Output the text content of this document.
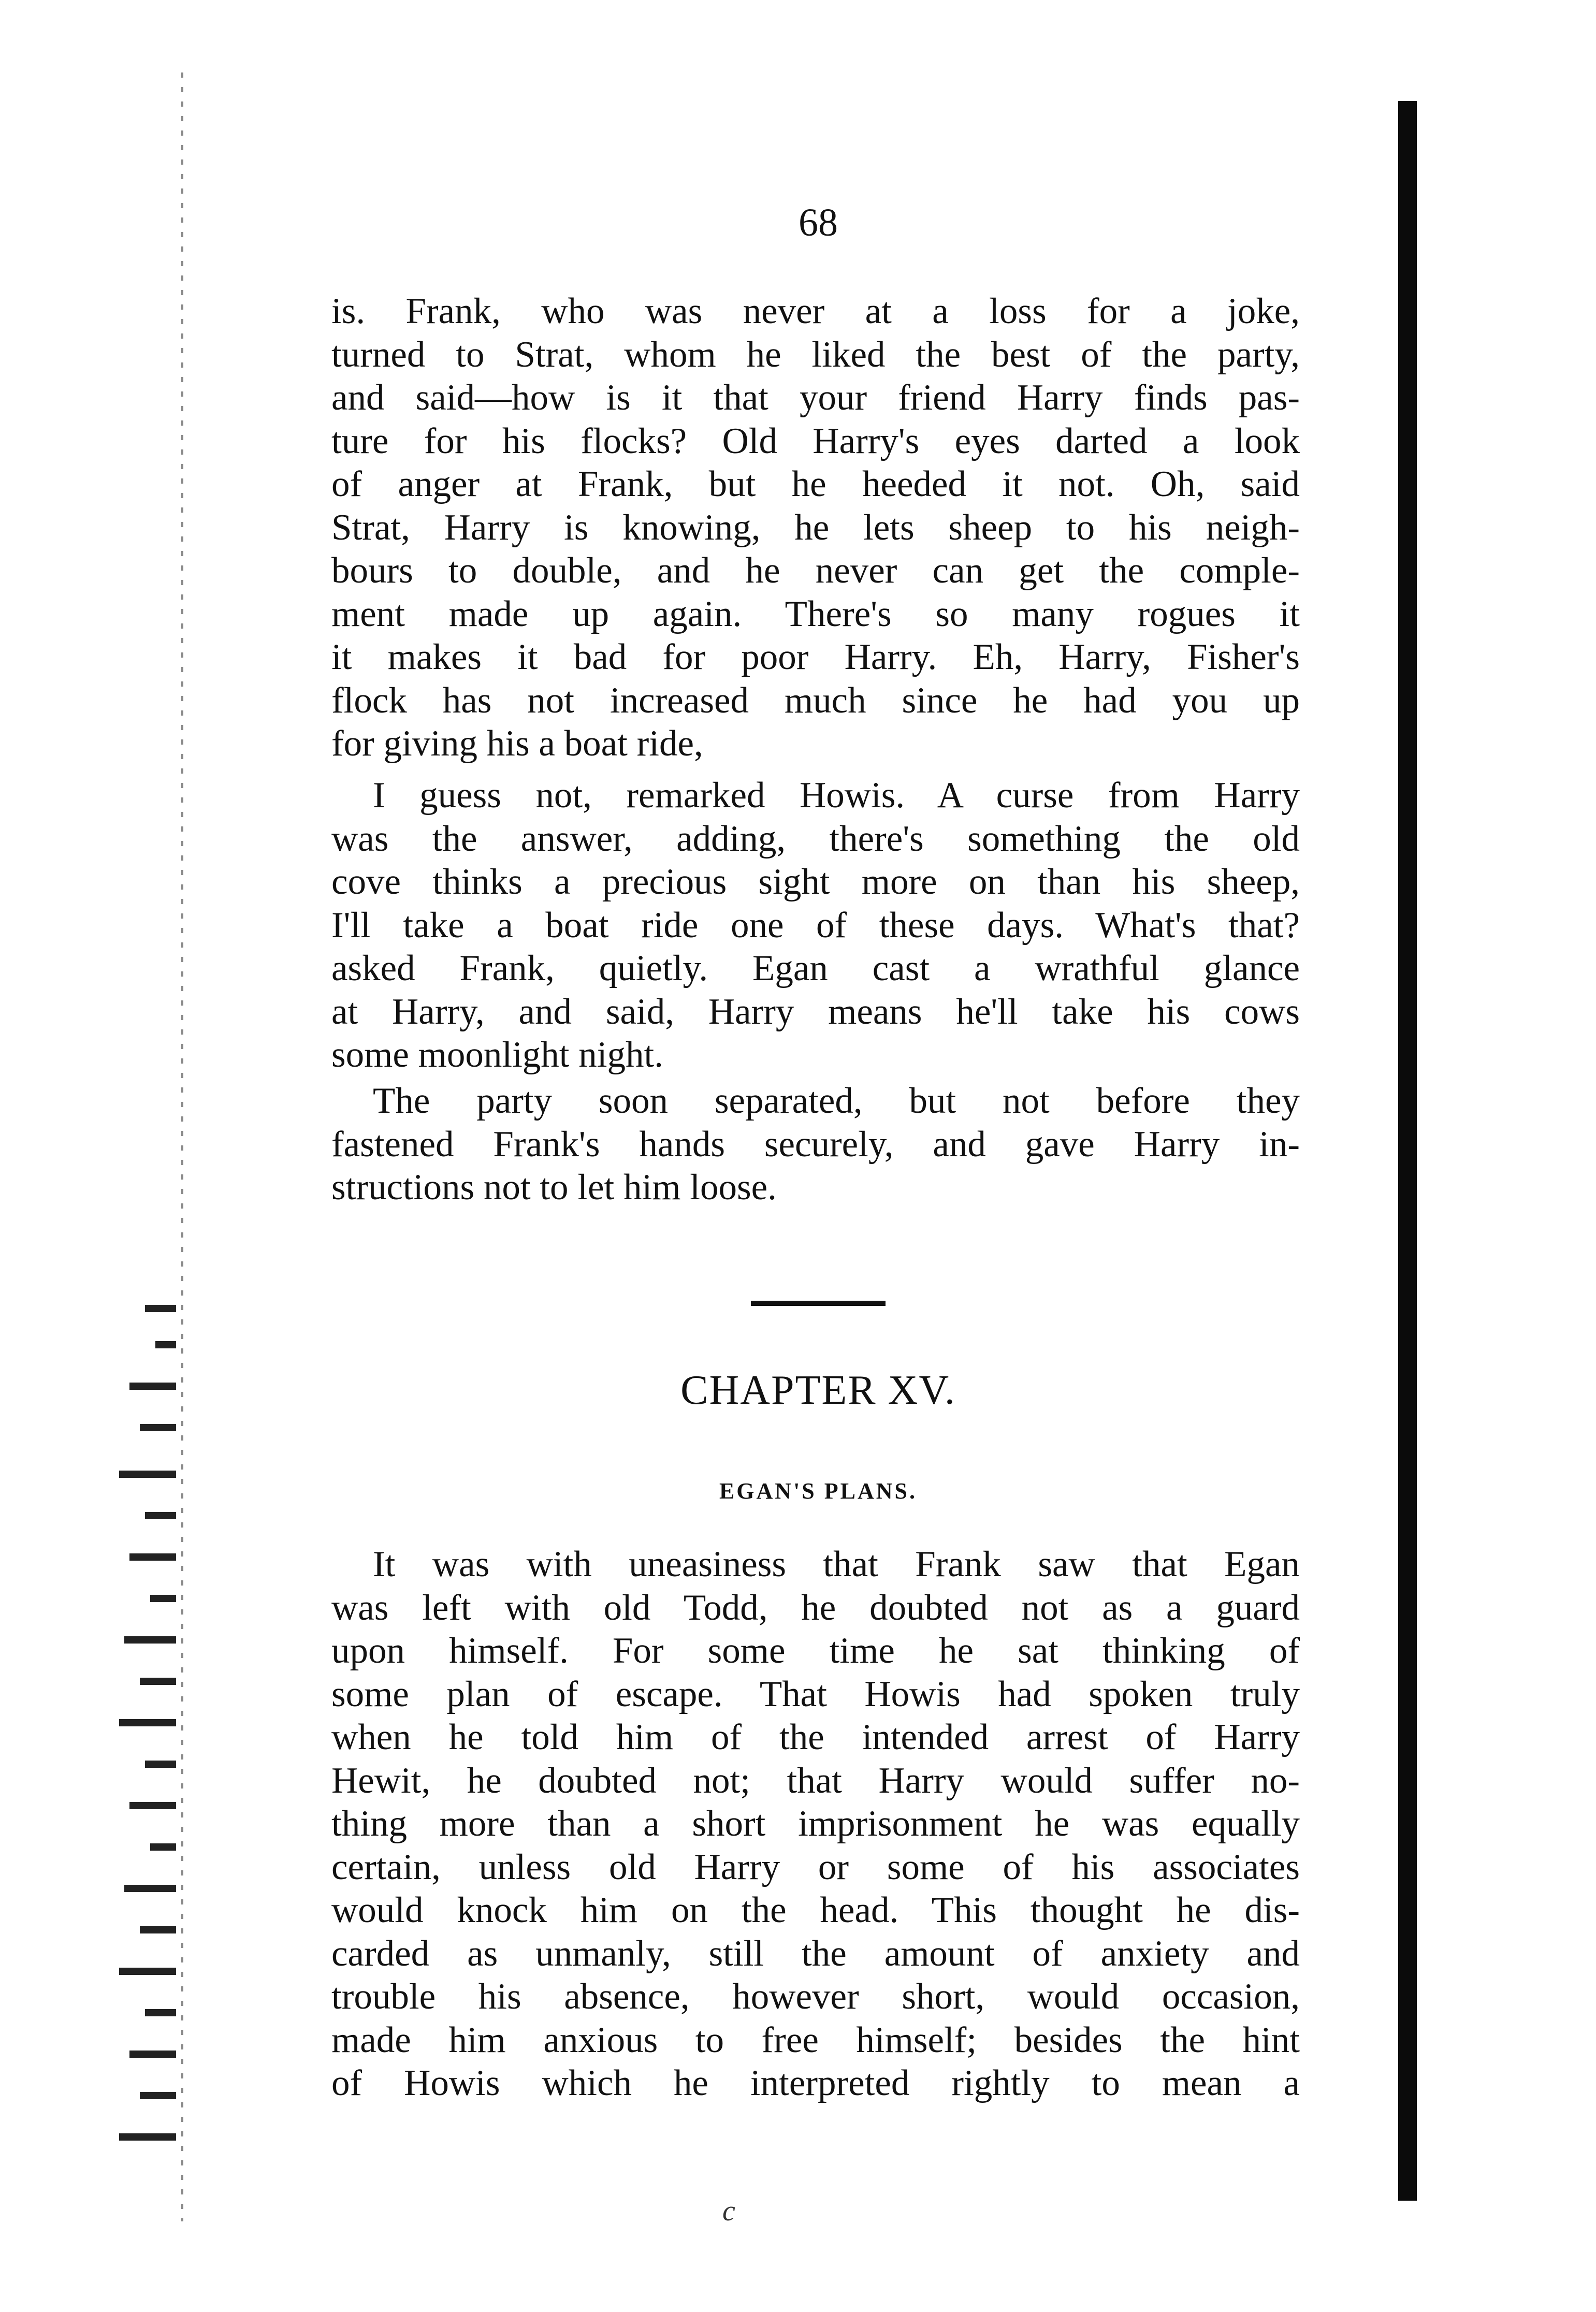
68
is. Frank, who was never at a loss for a joke,
turned to Strat, whom he liked the best of the party,
and said—how is it that your friend Harry finds pas-
ture for his flocks? Old Harry's eyes darted a look
of anger at Frank, but he heeded it not. Oh, said
Strat, Harry is knowing, he lets sheep to his neigh-
bours to double, and he never can get the comple-
ment made up again. There's so many rogues it
it makes it bad for poor Harry. Eh, Harry, Fisher's
flock has not increased much since he had you up
for giving his a boat ride,
I guess not, remarked Howis. A curse from Harry
was the answer, adding, there's something the old
cove thinks a precious sight more on than his sheep,
I'll take a boat ride one of these days. What's that?
asked Frank, quietly. Egan cast a wrathful glance
at Harry, and said, Harry means he'll take his cows
some moonlight night.
The party soon separated, but not before they
fastened Frank's hands securely, and gave Harry in-
structions not to let him loose.
CHAPTER XV.
EGAN'S PLANS.
It was with uneasiness that Frank saw that Egan
was left with old Todd, he doubted not as a guard
upon himself. For some time he sat thinking of
some plan of escape. That Howis had spoken truly
when he told him of the intended arrest of Harry
Hewit, he doubted not; that Harry would suffer no-
thing more than a short imprisonment he was equally
certain, unless old Harry or some of his associates
would knock him on the head. This thought he dis-
carded as unmanly, still the amount of anxiety and
trouble his absence, however short, would occasion,
made him anxious to free himself; besides the hint
of Howis which he interpreted rightly to mean a
c
